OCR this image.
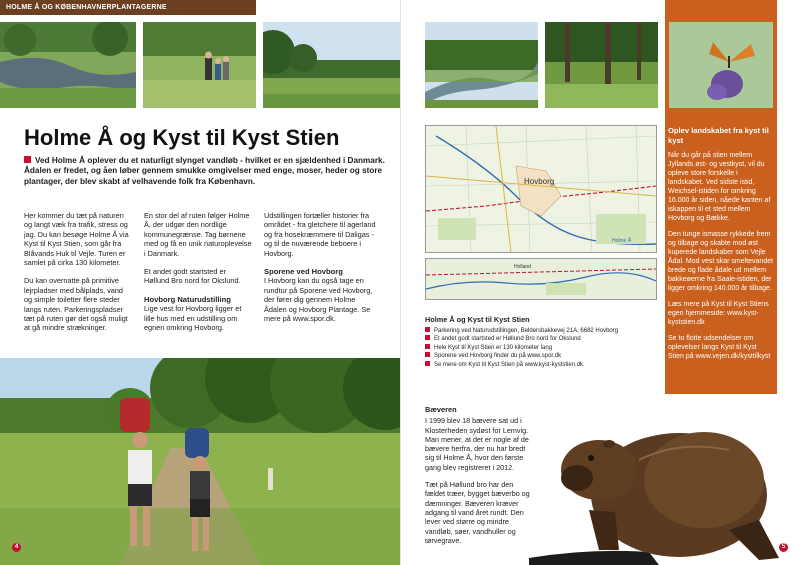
HOLME Å OG KØBENHAVNERPLANTAGERNE
Holme Å og Kyst til Kyst Stien
Ved Holme Å oplever du et naturligt slynget vandløb - hvilket er en sjældenhed i Danmark. Ådalen er fredet, og åen løber gennem smukke omgivelser med enge, moser, heder og store plantager, der blev skabt af velhavende folk fra København.

Her kommer du tæt på naturen og langt væk fra trafik, stress og jag. Du kan besøge Holme Å via Kyst til Kyst Stien, som går fra Blåvands Huk til Vejle. Turen er samlet på cirka 130 kilometer.

Du kan overnatte på primitive lejrpladser med bålplads, vand og simple toiletter flere steder langs ruten. Parkeringspladser tæt på ruten gør det også muligt at gå mindre strækninger.

En stor del af ruten følger Holme Å, der udgør den nordlige kommunegrænse. Tag børnene med og få en unik naturoplevelse i Danmark.

Et andet godt startsted er Høllund Bro nord for Okslund.

Hovborg Naturudstilling

Lige vest for Hovborg ligger et lille hus med en udstilling om egnen omkring Hovborg.

Udstillingen fortæller historier fra området - fra gletchere til agerland og fra hosekræmmere til Daligas - og til de nuværende beboere i Hovborg.

Sporene ved Hovborg

I Hovborg kan du også tage en rundtur på Sporene ved Hovborg, der fører dig gennem Holme Ådalen og Hovborg Plantage. Se mere på www.spor.dk.

4
Oplev landskabet fra kyst til kyst

Når du går på stien mellem Jyllands øst- og vestkyst, vil du opleve store forskelle i landskabet. Ved sidste istid, Weichsel-istiden for omkring 16.000 år siden, nåede kanten af iskappen til et sted mellem Hovborg og Bække.

Den tunge ismasse rykkede frem og tilbage og skabte mod øst kuperede landskaber som Vejle Ådal. Mod vest skar smeltevandet brede og flade ådale ud mellem bakkeøerne fra Saale-istiden, der ligger omkring 140.000 år tilbage.

Læs mere på Kyst til Kyst Stiens egen hjemmeside: www.kyst-kyststien.dk

Se to flotte udsendelser om oplevelser langs Kyst til Kyst Stien på www.vejen.dk/kysttilkyst

Hovborg
Holme Å
Holland
Holme Å og Kyst til Kyst Stien
Parkering ved Naturudstillingen, Beldersbakkevej 21A, 6682 Hovborg
Et andet godt startsted er Høllund Bro nord for Okslund
Hele Kyst til Kyst Stien er 130 kilometer lang
Sporene ved Hovborg finder du på www.spor.dk
Se mere om Kyst til Kyst Stien på www.kyst-kyststien.dk
Bæveren

I 1999 blev 18 bævere sat ud i Klosterheden sydøst for Lemvig. Man mener, at det er nogle af de bævere herfra, der nu har bredt sig til Holme Å, hvor den første gang blev registreret i 2012.

Tæt på Høllund bro har den fældet træer, bygget bæverbo og dæmninger. Bæveren kræver adgang til vand året rundt. Den lever ved større og mindre vandløb, søer, vandhuller og tørvegrave.

5
